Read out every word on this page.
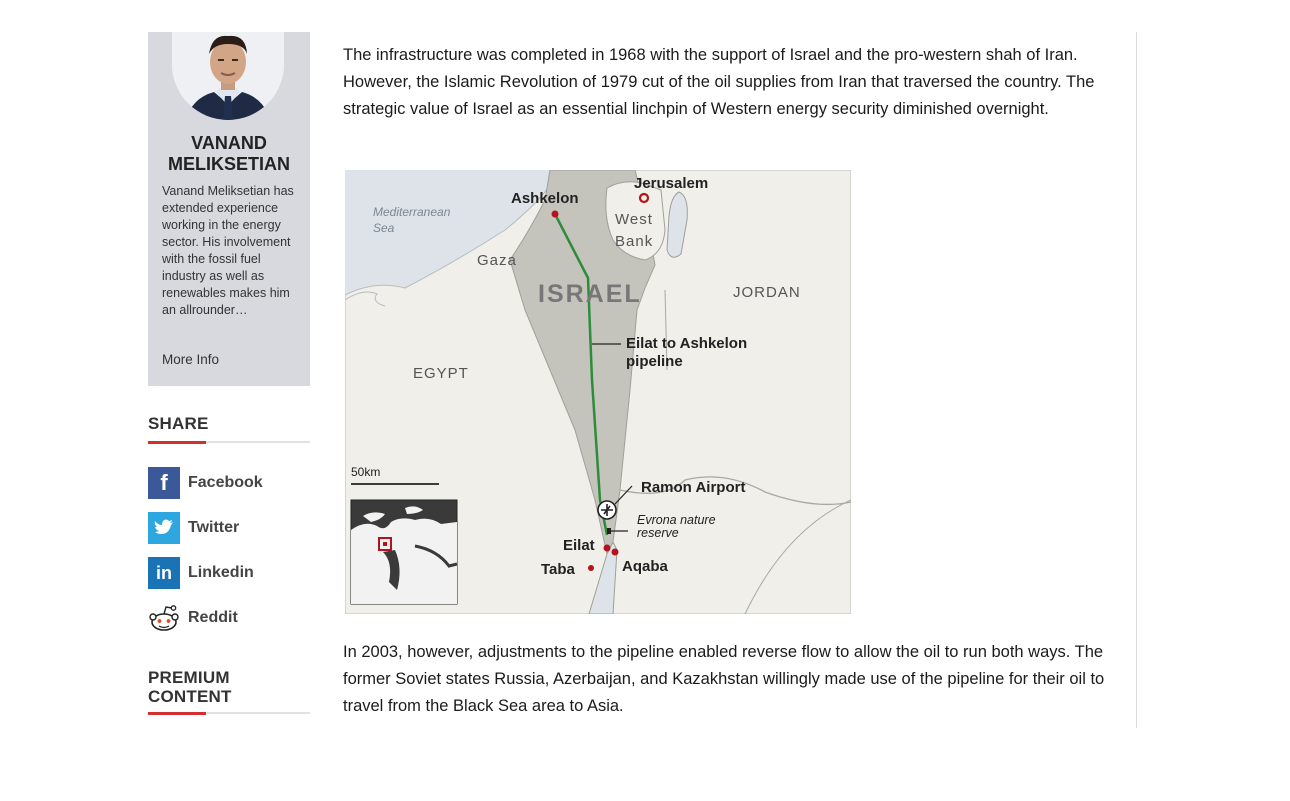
VANAND MELIKSETIAN
Vanand Meliksetian has extended experience working in the energy sector. His involvement with the fossil fuel industry as well as renewables makes him an allrounder…
More Info
SHARE
f	Facebook
Twitter
in	Linkedin
Reddit
PREMIUM
CONTENT
The infrastructure was completed in 1968 with the support of Israel and the pro-western shah of Iran. However, the Islamic Revolution of 1979 cut of the oil supplies from Iran that traversed the country. The strategic value of Israel as an essential linchpin of Western energy security diminished overnight.
Jerusalem
Ashkelon
Eilat to Ashkelon
pipeline
Ramon Airport
Eilat
Taba	Aqaba
Mediterranean
Sea	West
Bank
Gaza
JORDAN
EGYPT
ISRAEL
50km
Evrona nature
reserve
In 2003, however, adjustments to the pipeline enabled reverse flow to allow the oil to run both ways. The former Soviet states Russia, Azerbaijan, and Kazakhstan willingly made use of the pipeline for their oil to travel from the Black Sea area to Asia.
